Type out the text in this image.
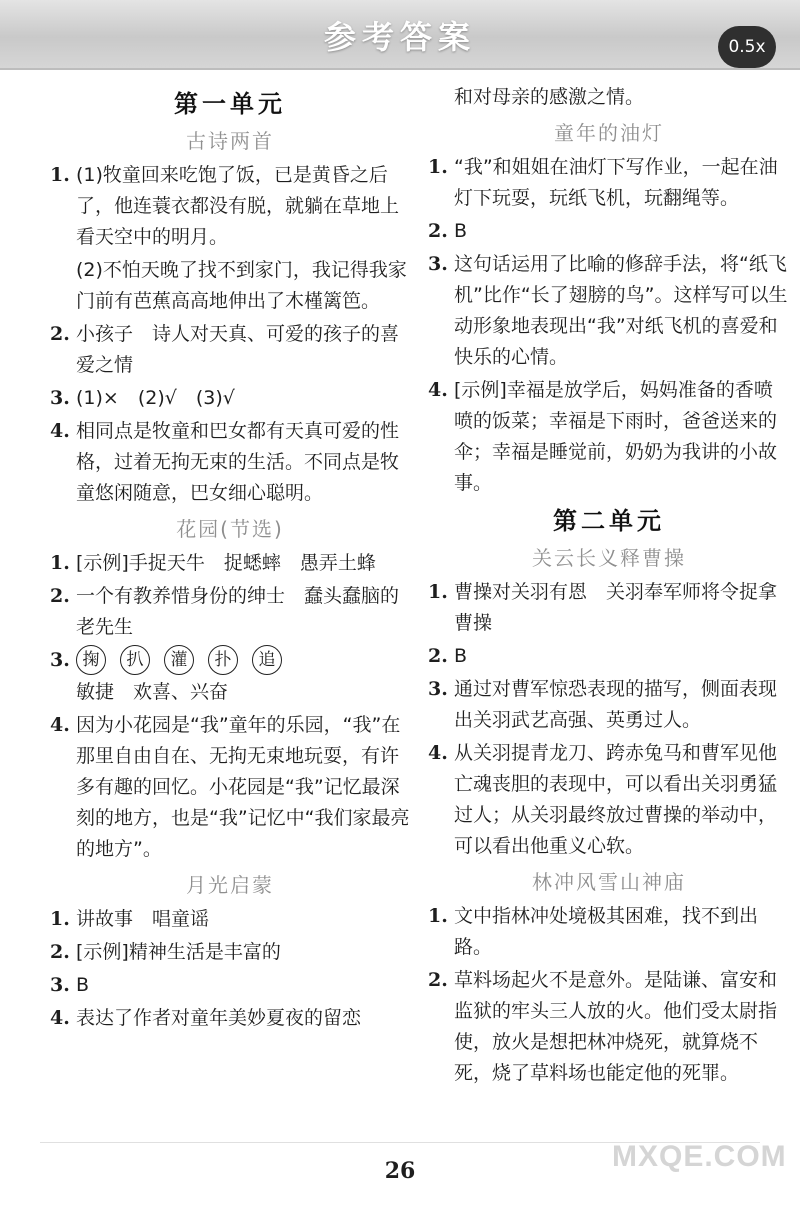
参考答案	0.5x
第一单元
古诗两首
1. (1)牧童回来吃饱了饭，已是黄昏之后了，他连蓑衣都没有脱，就躺在草地上看天空中的明月。
(2)不怕天晚了找不到家门，我记得我家门前有芭蕉高高地伸出了木槿篱笆。
2. 小孩子　诗人对天真、可爱的孩子的喜爱之情
3. (1)×　(2)√　(3)√
4. 相同点是牧童和巴女都有天真可爱的性格，过着无拘无束的生活。不同点是牧童悠闲随意，巴女细心聪明。
花园(节选)
1. [示例]手捉天牛　捉蟋蟀　愚弄土蜂
2. 一个有教养惜身份的绅士　蠢头蠢脑的老先生
3. 掬	扒	灌	扑	追
敏捷　欢喜、兴奋
4. 因为小花园是“我”童年的乐园，“我”在那里自由自在、无拘无束地玩耍，有许多有趣的回忆。小花园是“我”记忆最深刻的地方，也是“我”记忆中“我们家最亮的地方”。
月光启蒙
1. 讲故事　唱童谣
2. [示例]精神生活是丰富的
3. B
4. 表达了作者对童年美妙夏夜的留恋
和对母亲的感激之情。
童年的油灯
1. “我”和姐姐在油灯下写作业，一起在油灯下玩耍，玩纸飞机，玩翻绳等。
2. B
3. 这句话运用了比喻的修辞手法，将“纸飞机”比作“长了翅膀的鸟”。这样写可以生动形象地表现出“我”对纸飞机的喜爱和快乐的心情。
4. [示例]幸福是放学后，妈妈准备的香喷喷的饭菜；幸福是下雨时，爸爸送来的伞；幸福是睡觉前，奶奶为我讲的小故事。
第二单元
关云长义释曹操
1. 曹操对关羽有恩　关羽奉军师将令捉拿曹操
2. B
3. 通过对曹军惊恐表现的描写，侧面表现出关羽武艺高强、英勇过人。
4. 从关羽提青龙刀、跨赤兔马和曹军见他亡魂丧胆的表现中，可以看出关羽勇猛过人；从关羽最终放过曹操的举动中，可以看出他重义心软。
林冲风雪山神庙
1. 文中指林冲处境极其困难，找不到出路。
2. 草料场起火不是意外。是陆谦、富安和监狱的牢头三人放的火。他们受太尉指使，放火是想把林冲烧死，就算烧不死，烧了草料场也能定他的死罪。
26	MXQE.COM
